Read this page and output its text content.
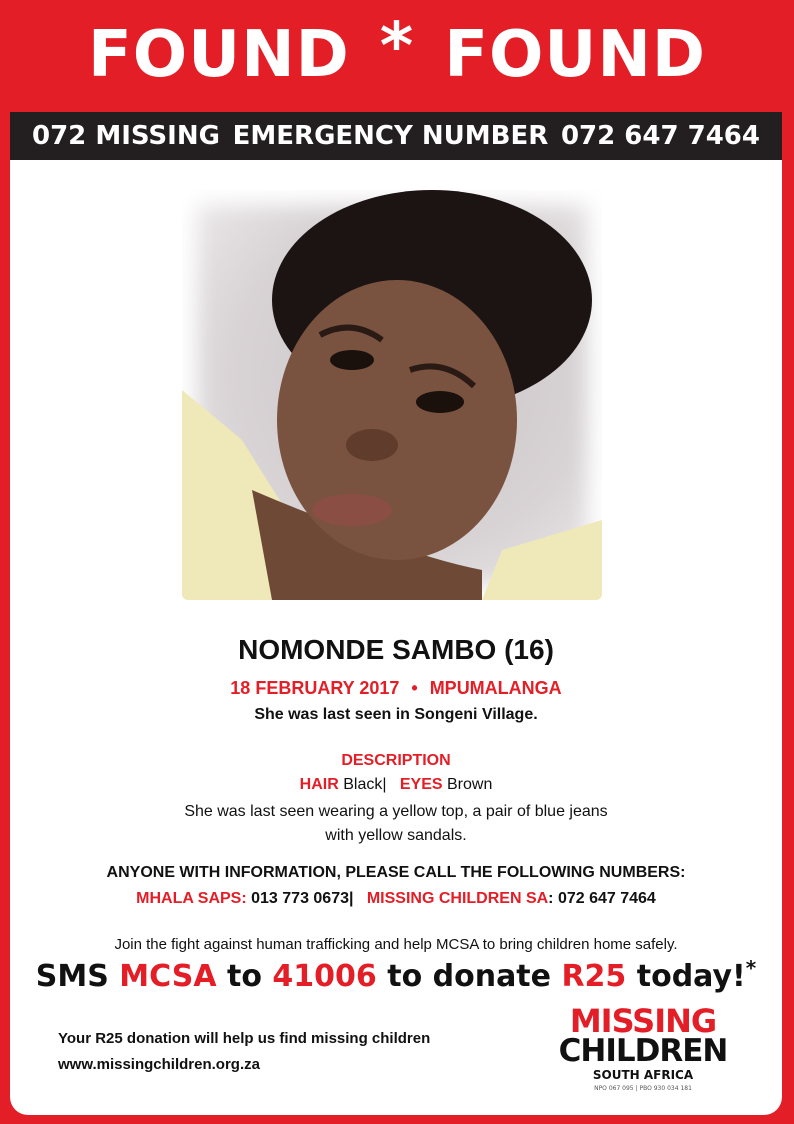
FOUND * FOUND
072 MISSING EMERGENCY NUMBER 072 647 7464
NOMONDE SAMBO (16)
18 FEBRUARY 2017 • MPUMALANGA
She was last seen in Songeni Village.
DESCRIPTION
HAIR Black| EYES Brown
She was last seen wearing a yellow top, a pair of blue jeans
with yellow sandals.
ANYONE WITH INFORMATION, PLEASE CALL THE FOLLOWING NUMBERS:
MHALA SAPS: 013 773 0673| MISSING CHILDREN SA: 072 647 7464
Join the fight against human trafficking and help MCSA to bring children home safely.
SMS MCSA to 41006 to donate R25 today!*
Your R25 donation will help us find missing children
www.missingchildren.org.za
MISSING
CHILDREN
SOUTH AFRICA
NPO 067 095 | PBO 930 034 181
